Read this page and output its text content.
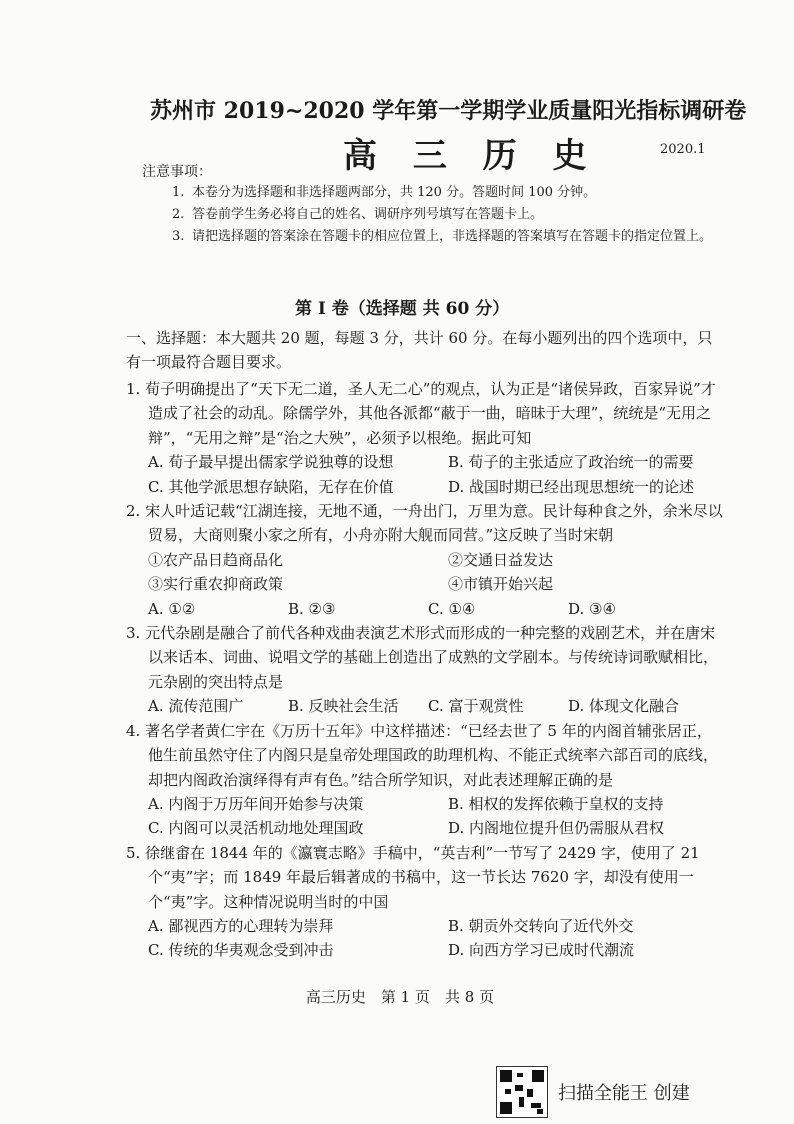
苏州市 2019~2020 学年第一学期学业质量阳光指标调研卷
高 三 历 史	2020.1
注意事项：
1. 本卷分为选择题和非选择题两部分，共 120 分。答题时间 100 分钟。
2. 答卷前学生务必将自己的姓名、调研序列号填写在答题卡上。
3. 请把选择题的答案涂在答题卡的相应位置上，非选择题的答案填写在答题卡的指定位置上。
第 I 卷（选择题 共 60 分）
一、选择题：本大题共 20 题，每题 3 分，共计 60 分。在每小题列出的四个选项中，只有一项最符合题目要求。
1. 荀子明确提出了“天下无二道，圣人无二心”的观点，认为正是“诸侯异政，百家异说”才造成了社会的动乱。除儒学外，其他各派都“蔽于一曲，暗昧于大理”，统统是“无用之辩”，“无用之辩”是“治之大殃”，必须予以根绝。据此可知
A. 荀子最早提出儒家学说独尊的设想	B. 荀子的主张适应了政治统一的需要
C. 其他学派思想存缺陷，无存在价值	D. 战国时期已经出现思想统一的论述
2. 宋人叶适记载“江湖连接，无地不通，一舟出门，万里为意。民计每种食之外，余米尽以贸易，大商则聚小家之所有，小舟亦附大舰而同营。”这反映了当时宋朝
①农产品日趋商品化	②交通日益发达
③实行重农抑商政策	④市镇开始兴起
A. ①②	B. ②③	C. ①④	D. ③④
3. 元代杂剧是融合了前代各种戏曲表演艺术形式而形成的一种完整的戏剧艺术，并在唐宋以来话本、词曲、说唱文学的基础上创造出了成熟的文学剧本。与传统诗词歌赋相比，元杂剧的突出特点是
A. 流传范围广	B. 反映社会生活	C. 富于观赏性	D. 体现文化融合
4. 著名学者黄仁宇在《万历十五年》中这样描述：“已经去世了 5 年的内阁首辅张居正，他生前虽然守住了内阁只是皇帝处理国政的助理机构、不能正式统率六部百司的底线，却把内阁政治演绎得有声有色。”结合所学知识，对此表述理解正确的是
A. 内阁于万历年间开始参与决策	B. 相权的发挥依赖于皇权的支持
C. 内阁可以灵活机动地处理国政	D. 内阁地位提升但仍需服从君权
5. 徐继畬在 1844 年的《瀛寰志略》手稿中，“英吉利”一节写了 2429 字，使用了 21 个“夷”字；而 1849 年最后辑著成的书稿中，这一节长达 7620 字，却没有使用一个“夷”字。这种情况说明当时的中国
A. 鄙视西方的心理转为崇拜	B. 朝贡外交转向了近代外交
C. 传统的华夷观念受到冲击	D. 向西方学习已成时代潮流
高三历史　第 1 页　共 8 页
扫描全能王 创建
